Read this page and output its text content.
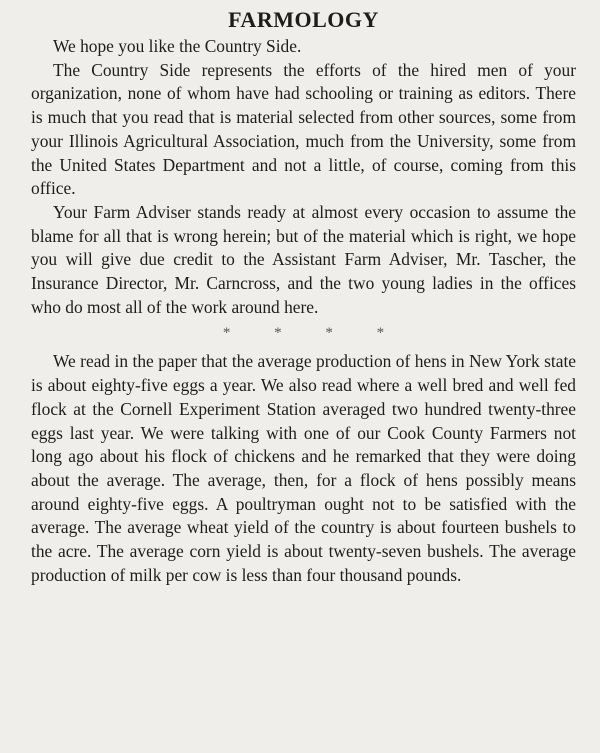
FARMOLOGY

We hope you like the Country Side.

The Country Side represents the efforts of the hired men of your organization, none of whom have had schooling or training as editors. There is much that you read that is material selected from other sources, some from your Illinois Agricultural Association, much from the University, some from the United States Department and not a little, of course, coming from this office.

Your Farm Adviser stands ready at almost every occasion to assume the blame for all that is wrong herein; but of the material which is right, we hope you will give due credit to the Assistant Farm Adviser, Mr. Tascher, the Insurance Director, Mr. Carncross, and the two young ladies in the offices who do most all of the work around here.

* * * *

We read in the paper that the average production of hens in New York state is about eighty-five eggs a year. We also read where a well bred and well fed flock at the Cornell Experiment Station averaged two hundred twenty-three eggs last year. We were talking with one of our Cook County Farmers not long ago about his flock of chickens and he remarked that they were doing about the average. The average, then, for a flock of hens possibly means around eighty-five eggs. A poultryman ought not to be satisfied with the average. The average wheat yield of the country is about fourteen bushels to the acre. The average corn yield is about twenty-seven bushels. The average production of milk per cow is less than four thousand pounds.
